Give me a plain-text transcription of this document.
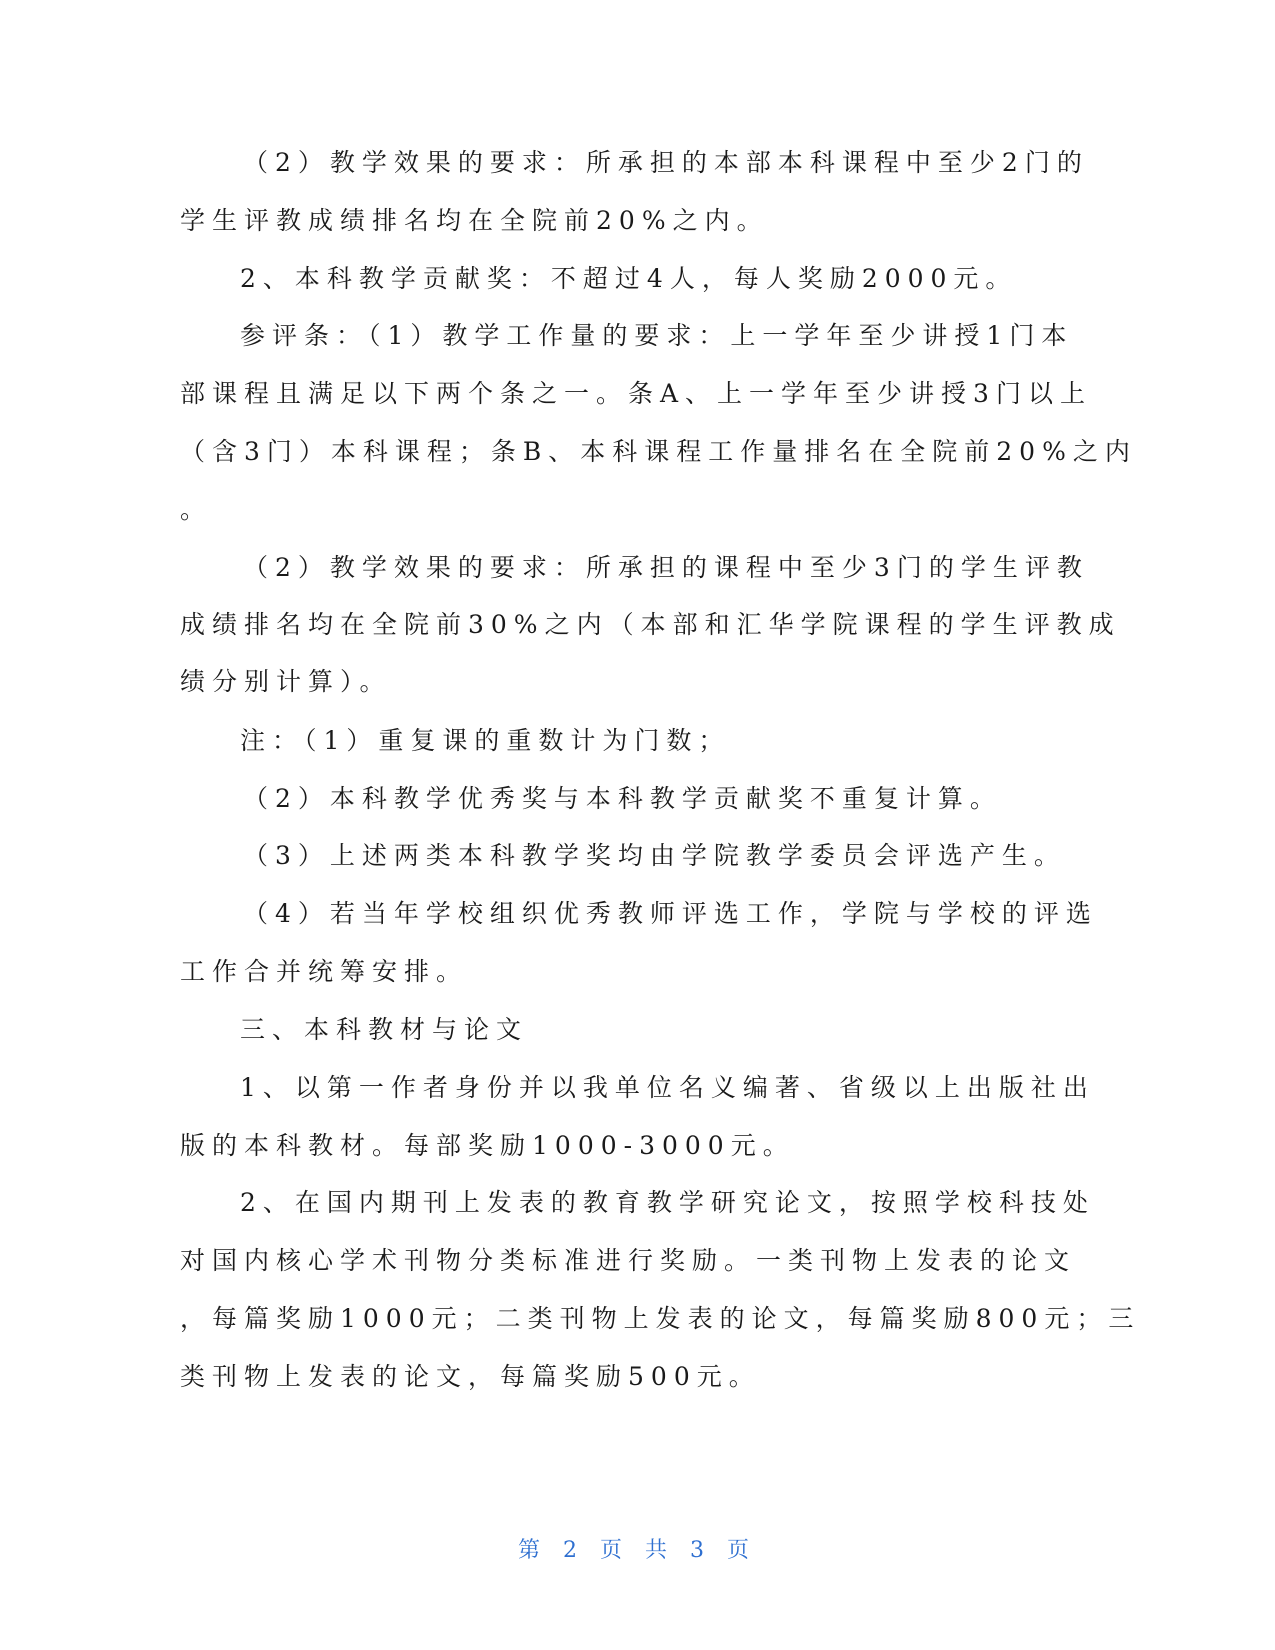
（2）教学效果的要求：所承担的本部本科课程中至少2门的
学生评教成绩排名均在全院前20%之内。
2、本科教学贡献奖：不超过4人，每人奖励2000元。
参评条：（1）教学工作量的要求：上一学年至少讲授1门本
部课程且满足以下两个条之一。条A、上一学年至少讲授3门以上
（含3门）本科课程；条B、本科课程工作量排名在全院前20%之内
。
（2）教学效果的要求：所承担的课程中至少3门的学生评教
成绩排名均在全院前30%之内（本部和汇华学院课程的学生评教成
绩分别计算）。
注：（1）重复课的重数计为门数；
（2）本科教学优秀奖与本科教学贡献奖不重复计算。
（3）上述两类本科教学奖均由学院教学委员会评选产生。
（4）若当年学校组织优秀教师评选工作，学院与学校的评选
工作合并统筹安排。
三、本科教材与论文
1、以第一作者身份并以我单位名义编著、省级以上出版社出
版的本科教材。每部奖励1000-3000元。
2、在国内期刊上发表的教育教学研究论文，按照学校科技处
对国内核心学术刊物分类标准进行奖励。一类刊物上发表的论文
，每篇奖励1000元；二类刊物上发表的论文，每篇奖励800元；三
类刊物上发表的论文，每篇奖励500元。
第 2 页 共 3 页
